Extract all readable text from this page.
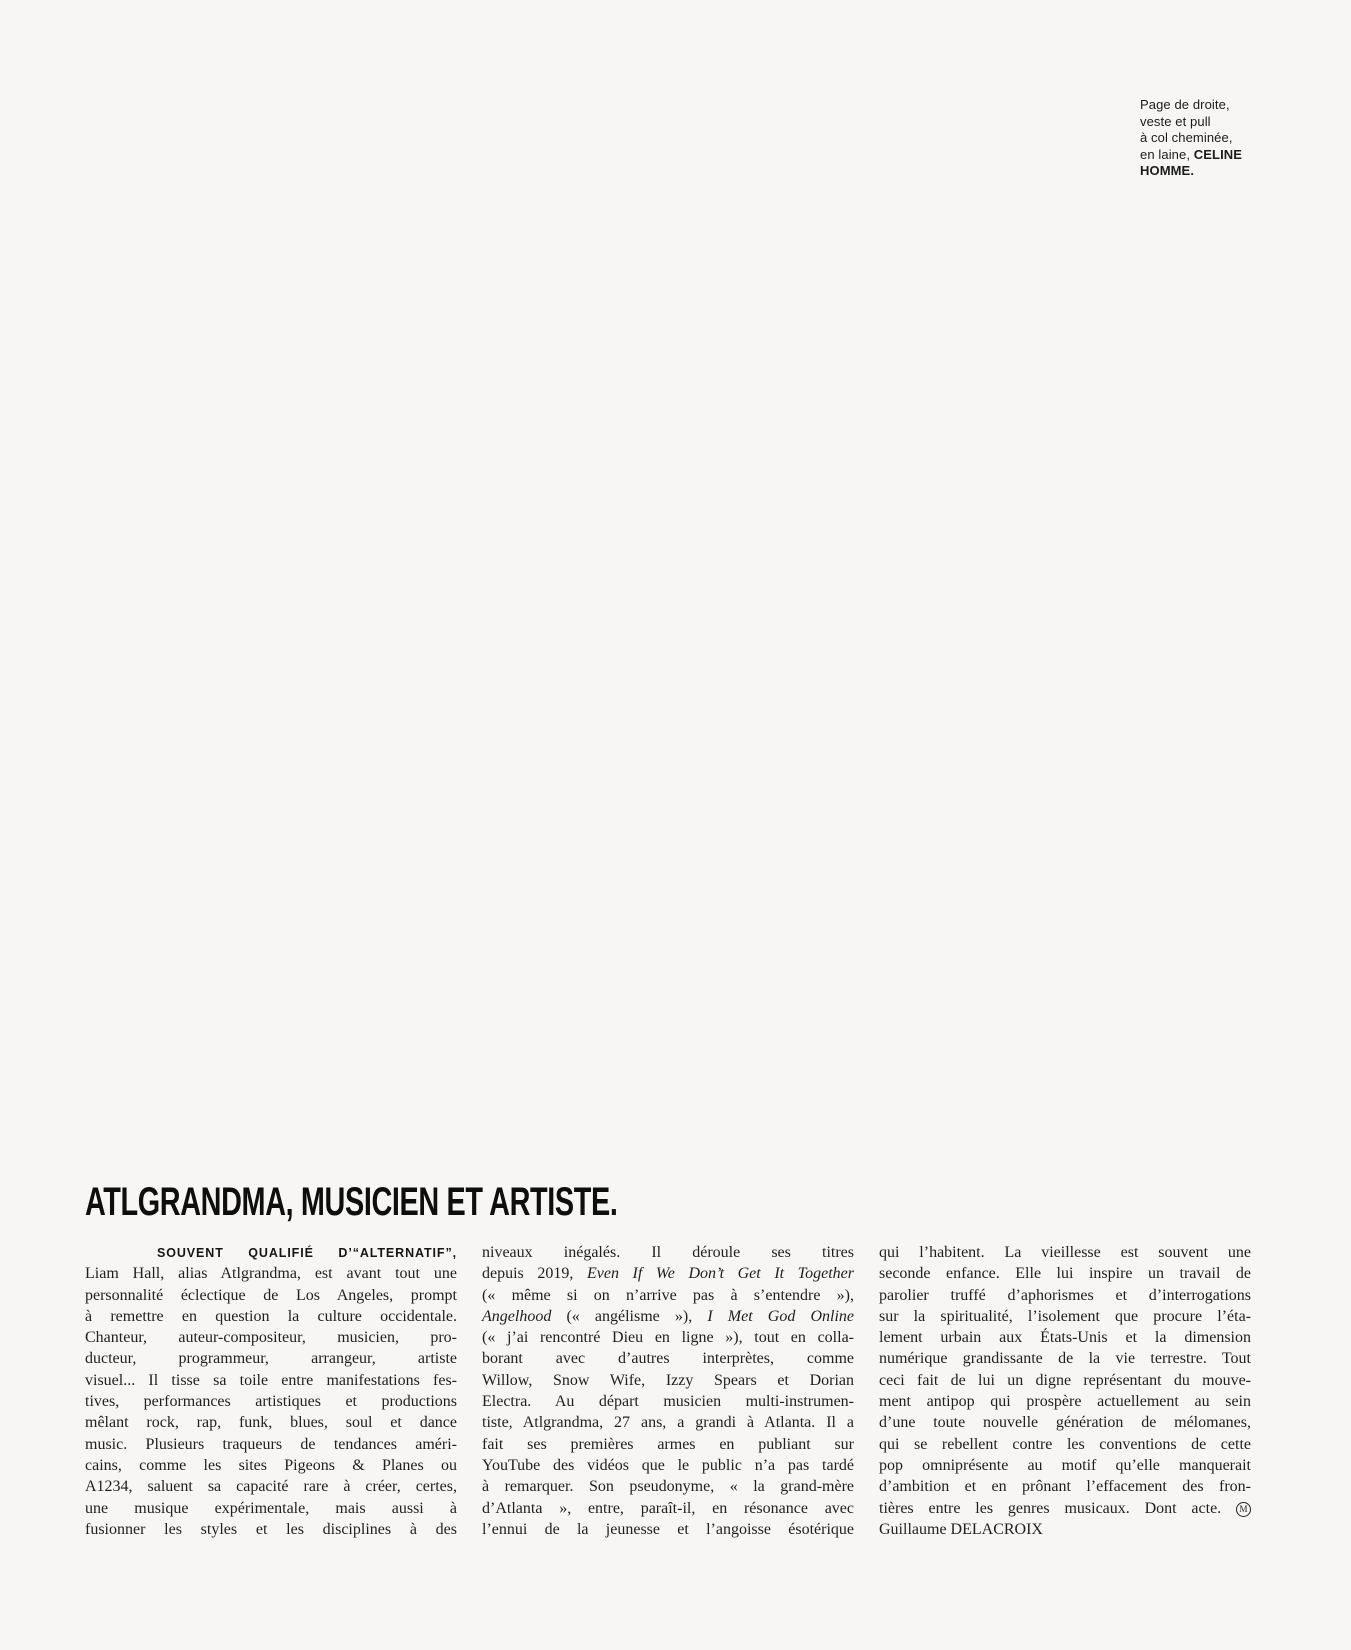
Page de droite,
veste et pull
à col cheminée,
en laine, CELINE
HOMME.
ATLGRANDMA, MUSICIEN ET ARTISTE.
SOUVENT QUALIFIÉ D’“ALTERNATIF”,
Liam Hall, alias Atlgrandma, est avant tout une
personnalité éclectique de Los Angeles, prompt
à remettre en question la culture occidentale.
Chanteur, auteur-compositeur, musicien, pro-
ducteur, programmeur, arrangeur, artiste
visuel... Il tisse sa toile entre manifestations fes-
tives, performances artistiques et productions
mêlant rock, rap, funk, blues, soul et dance
music. Plusieurs traqueurs de tendances améri-
cains, comme les sites Pigeons & Planes ou
A1234, saluent sa capacité rare à créer, certes,
une musique expérimentale, mais aussi à
fusionner les styles et les disciplines à des
niveaux inégalés. Il déroule ses titres
depuis 2019, Even If We Don’t Get It Together
(« même si on n’arrive pas à s’entendre »),
Angelhood (« angélisme »), I Met God Online
(« j’ai rencontré Dieu en ligne »), tout en colla-
borant avec d’autres interprètes, comme
Willow, Snow Wife, Izzy Spears et Dorian
Electra. Au départ musicien multi-instrumen-
tiste, Atlgrandma, 27 ans, a grandi à Atlanta. Il a
fait ses premières armes en publiant sur
YouTube des vidéos que le public n’a pas tardé
à remarquer. Son pseudonyme, « la grand-mère
d’Atlanta », entre, paraît-il, en résonance avec
l’ennui de la jeunesse et l’angoisse ésotérique
qui l’habitent. La vieillesse est souvent une
seconde enfance. Elle lui inspire un travail de
parolier truffé d’aphorismes et d’interrogations
sur la spiritualité, l’isolement que procure l’éta-
lement urbain aux États-Unis et la dimension
numérique grandissante de la vie terrestre. Tout
ceci fait de lui un digne représentant du mouve-
ment antipop qui prospère actuellement au sein
d’une toute nouvelle génération de mélomanes,
qui se rebellent contre les conventions de cette
pop omniprésente au motif qu’elle manquerait
d’ambition et en prônant l’effacement des fron-
tières entre les genres musicaux. Dont acte. M
Guillaume DELACROIX
